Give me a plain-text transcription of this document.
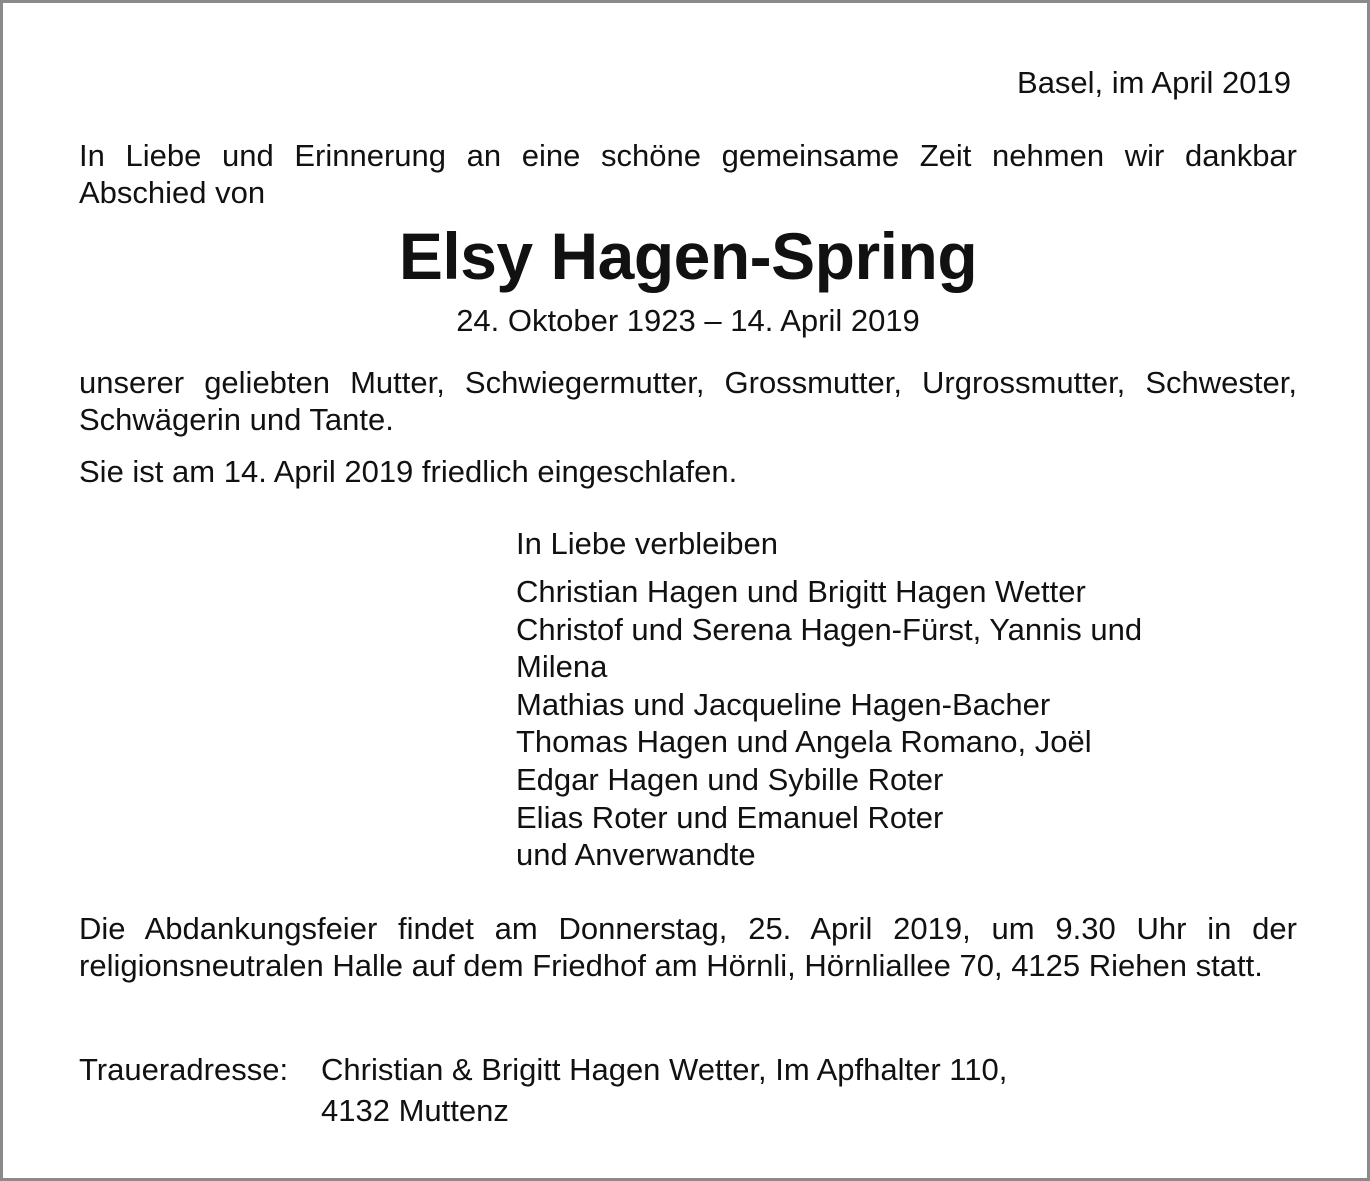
Basel, im April 2019

In Liebe und Erinnerung an eine schöne gemeinsame Zeit nehmen wir dankbar Abschied von

Elsy Hagen-Spring

24. Oktober 1923 – 14. April 2019

unserer geliebten Mutter, Schwiegermutter, Grossmutter, Urgrossmutter, Schwester, Schwägerin und Tante.

Sie ist am 14. April 2019 friedlich eingeschlafen.

In Liebe verbleiben

Christian Hagen und Brigitt Hagen Wetter
Christof und Serena Hagen-Fürst, Yannis und
Milena
Mathias und Jacqueline Hagen-Bacher
Thomas Hagen und Angela Romano, Joël
Edgar Hagen und Sybille Roter
Elias Roter und Emanuel Roter
und Anverwandte

Die Abdankungsfeier findet am Donnerstag, 25. April 2019, um 9.30 Uhr in der religionsneutralen Halle auf dem Friedhof am Hörnli, Hörnliallee 70, 4125 Riehen statt.

Traueradresse: Christian & Brigitt Hagen Wetter, Im Apfhalter 110,

4132 Muttenz
